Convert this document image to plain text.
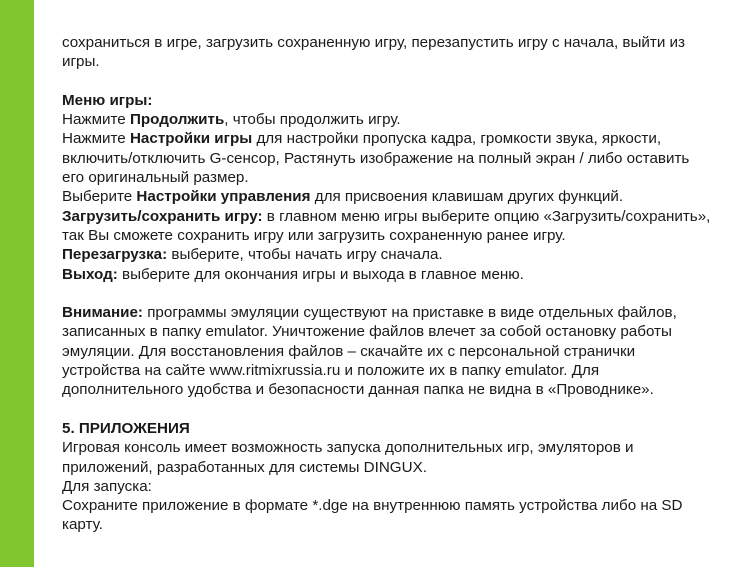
сохраниться в игре, загрузить сохраненную игру, перезапустить игру с начала, выйти из
игры.
Меню игры:
Нажмите Продолжить, чтобы продолжить игру.
Нажмите Настройки игры для настройки пропуска кадра, громкости звука, яркости,
включить/отключить G-сенсор, Растянуть изображение на полный экран / либо оставить
его оригинальный размер.
Выберите Настройки управления для присвоения клавишам других функций.
Загрузить/сохранить игру: в главном меню игры выберите опцию «Загрузить/сохранить»,
так Вы сможете сохранить игру или загрузить сохраненную ранее игру.
Перезагрузка: выберите, чтобы начать игру сначала.
Выход: выберите для окончания игры и выхода в главное меню.
Внимание: программы эмуляции существуют на приставке в виде отдельных файлов,
записанных в папку emulator. Уничтожение файлов влечет за собой остановку работы
эмуляции. Для восстановления файлов – скачайте их с персональной странички
устройства на сайте www.ritmixrussia.ru и положите их в папку emulator. Для
дополнительного удобства и безопасности данная папка не видна в «Проводнике».
5. ПРИЛОЖЕНИЯ
Игровая консоль имеет возможность запуска дополнительных игр, эмуляторов и
приложений, разработанных для системы DINGUX.
Для запуска:
Сохраните приложение в формате *.dge на внутреннюю память устройства либо на SD
карту.
